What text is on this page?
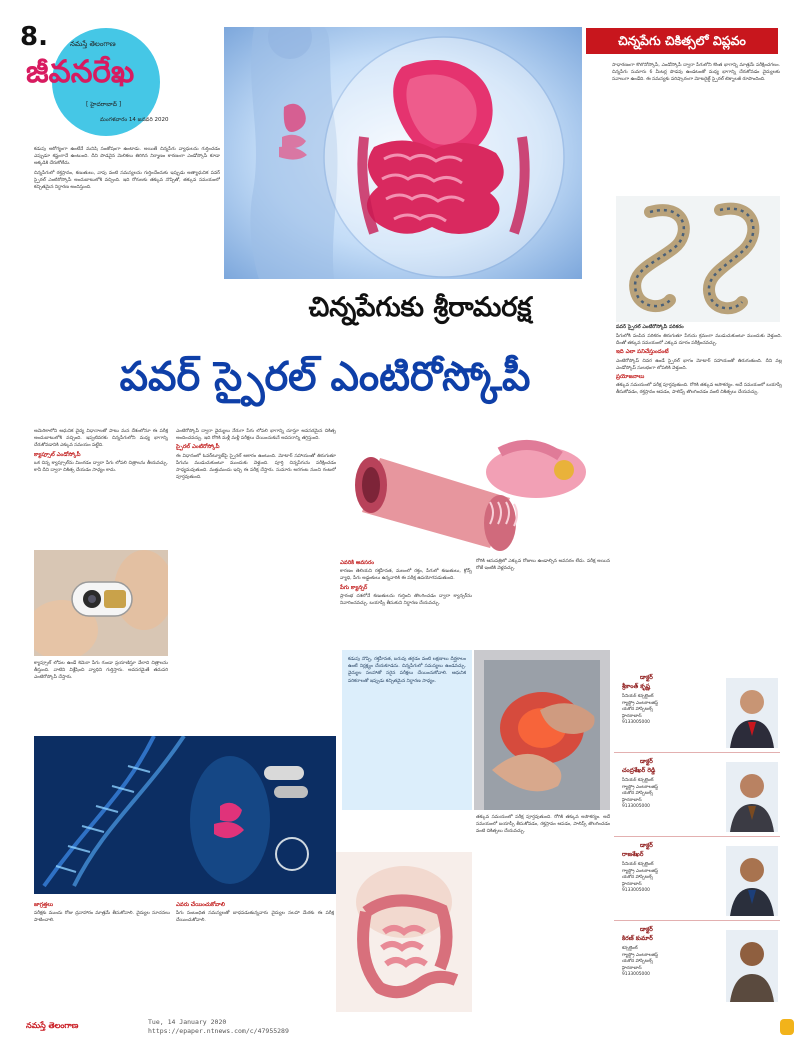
8.	నమస్తే తెలంగాణ
జీవనరేఖ
[ హైదరాబాద్ ]
మంగళవారం 14 జనవరి 2020
చిన్నపేగు చికిత్సలో విప్లవం

కడుపు ఆరోగ్యంగా ఉంటేనే మనిషి సంతోషంగా ఉంటాడు. అయితే చిన్నపేగు వ్యాధులను గుర్తించడం ఎప్పుడూ కష్టంగానే ఉంటుంది. దీని పొడవైన మెలికలు తిరిగిన నిర్మాణం కారణంగా ఎండోస్కోపీ కూడా అక్కడికి చేరుకోలేదు.

చిన్నపేగులో రక్తస్రావం, కణుతులు, వాపు వంటి సమస్యలను గుర్తించేందుకు ఇప్పుడు అత్యాధునిక పవర్ స్పైరల్ ఎంటిరోస్కోపీ అందుబాటులోకి వచ్చింది. ఇది రోగులకు తక్కువ నొప్పితో, తక్కువ సమయంలో కచ్చితమైన నిర్ధారణ అందిస్తుంది.

సాధారణంగా కొలొనోస్కోపీ, ఎండోస్కోపీ ద్వారా పేగులోని కొంత భాగాన్ని మాత్రమే పరీక్షించగలం. చిన్నపేగు సుమారు 6 మీటర్ల పొడవు ఉండటంతో మధ్య భాగాన్ని చేరుకోవడం వైద్యులకు సవాలుగా ఉండేది. ఈ సమస్యకు పరిష్కారంగా మోటరైజ్డ్ స్పైరల్ టెక్నాలజీ రూపొందింది.

పవర్ స్పైరల్ ఎంటిరోస్కోపీ పరికరం

పేగులోకి పంపిన పరికరం తిరుగుతూ పేగును క్రమంగా ముడుచుకుంటూ ముందుకు వెళ్తుంది. దీంతో తక్కువ సమయంలో ఎక్కువ దూరం పరీక్షించవచ్చు.

ఇది ఎలా పనిచేస్తుందంటే

ఎంటిరోస్కోప్ చివర ఉండే స్పైరల్ భాగం మోటార్ సహాయంతో తిరుగుతుంది. దీని వల్ల ఎండోస్కోప్ సులభంగా లోపలికి వెళ్తుంది.

ప్రయోజనాలు

తక్కువ సమయంలో పరీక్ష పూర్తవుతుంది. రోగికి తక్కువ అసౌకర్యం. అదే సమయంలో బయాప్సీ తీసుకోవడం, రక్తస్రావం ఆపడం, పాలిప్స్ తొలగించడం వంటి చికిత్సలు చేయవచ్చు.

చిన్నపేగుకు శ్రీరామరక్ష
పవర్ స్పైరల్ ఎంటిరోస్కోపీ

అమెరికాలోని ఆధునిక వైద్య విధానాలతో పాటు మన దేశంలోనూ ఈ పరీక్ష అందుబాటులోకి వచ్చింది. ఇప్పటివరకు చిన్నపేగులోని మధ్య భాగాన్ని చేరుకోవడానికి ఎక్కువ సమయం పట్టేది.

క్యాప్సూల్ ఎండోస్కోపీ

ఒక చిన్న క్యాప్సూల్‌ను మింగడం ద్వారా పేగు లోపలి చిత్రాలను తీయవచ్చు. కానీ దీని ద్వారా చికిత్స చేయడం సాధ్యం కాదు.

క్యాప్సూల్ లోపల ఉండే కెమెరా పేగు గుండా ప్రయాణిస్తూ వేలాది చిత్రాలను తీస్తుంది. వాటిని విశ్లేషించి వ్యాధిని గుర్తిస్తారు. అవసరమైతే తదుపరి ఎంటిరోస్కోపీ చేస్తారు.

ఎంటిరోస్కోపీ ద్వారా వైద్యులు నేరుగా పేగు లోపలి భాగాన్ని చూస్తూ అవసరమైన చికిత్స అందించవచ్చు. ఇది రోగికి మళ్లీ మళ్లీ పరీక్షలు చేయించుకునే అవసరాన్ని తగ్గిస్తుంది.

స్పైరల్ ఎంటిరోస్కోపీ

ఈ విధానంలో ఓవర్‌ట్యూబ్‌పై స్పైరల్ ఆకారం ఉంటుంది. మోటార్ సహాయంతో తిరుగుతూ పేగును ముడుచుకుంటూ ముందుకు వెళ్తుంది. పూర్తి చిన్నపేగును పరీక్షించడం సాధ్యమవుతుంది. మత్తుమందు ఇచ్చి ఈ పరీక్ష చేస్తారు. సుమారు అరగంట నుంచి గంటలో పూర్తవుతుంది.

ఎవరికి అవసరం

కారణం తెలియని రక్తహీనత, మలంలో రక్తం, పేగులో కణుతులు, క్రోన్స్ వ్యాధి, పేగు అడ్డంకులు ఉన్నవారికి ఈ పరీక్ష ఉపయోగపడుతుంది.

పేగు క్యాన్సర్

ప్రారంభ దశలోనే కణుతులను గుర్తించి తొలగించడం ద్వారా క్యాన్సర్‌ను నివారించవచ్చు. బయాప్సీ తీసుకుని నిర్ధారణ చేయవచ్చు.

రోగికి ఆసుపత్రిలో ఎక్కువ రోజులు ఉండాల్సిన అవసరం లేదు. పరీక్ష అయిన రోజే ఇంటికి వెళ్లవచ్చు.

కడుపు నొప్పి, రక్తహీనత, బరువు తగ్గడం వంటి లక్షణాలు దీర్ఘకాలం ఉంటే నిర్లక్ష్యం చేయకూడదు. చిన్నపేగులో సమస్యలు ఉండవచ్చు. వైద్యుల సలహాతో సరైన పరీక్షలు చేయించుకోవాలి. ఆధునిక పరికరాలతో ఇప్పుడు కచ్చితమైన నిర్ధారణ సాధ్యం.
జాగ్రత్తలు

పరీక్షకు ముందు రోజు ద్రవాహారం మాత్రమే తీసుకోవాలి. వైద్యుల సూచనలు పాటించాలి.

ఎవరు చేయించుకోవాలి

పేగు సంబంధిత సమస్యలతో బాధపడుతున్నవారు వైద్యుల సలహా మేరకు ఈ పరీక్ష చేయించుకోవాలి.

తక్కువ సమయంలో పరీక్ష పూర్తవుతుంది. రోగికి తక్కువ అసౌకర్యం. అదే సమయంలో బయాప్సీ తీసుకోవడం, రక్తస్రావం ఆపడం, పాలిప్స్ తొలగించడం వంటి చికిత్సలు చేయవచ్చు.

డాక్టర్
శ్రీకాంత్ కృష్ణ
సీనియర్ కన్సల్టెంట్
గ్యాస్ట్రో ఎంటరాలజిస్ట్
యశోద హాస్పిటల్స్
హైదరాబాద్
9133005000
డాక్టర్
చంద్రశేఖర్ రెడ్డి
సీనియర్ కన్సల్టెంట్
గ్యాస్ట్రో ఎంటరాలజిస్ట్
యశోద హాస్పిటల్స్
హైదరాబాద్
9133005000
డాక్టర్
రాజశేఖర్
సీనియర్ కన్సల్టెంట్
గ్యాస్ట్రో ఎంటరాలజిస్ట్
యశోద హాస్పిటల్స్
హైదరాబాద్
9133005000
డాక్టర్
కిరణ్ కుమార్
కన్సల్టెంట్
గ్యాస్ట్రో ఎంటరాలజిస్ట్
యశోద హాస్పిటల్స్
హైదరాబాద్
9133005000
నమస్తే తెలంగాణ	Tue, 14 January 2020
https://epaper.ntnews.com/c/47955289
